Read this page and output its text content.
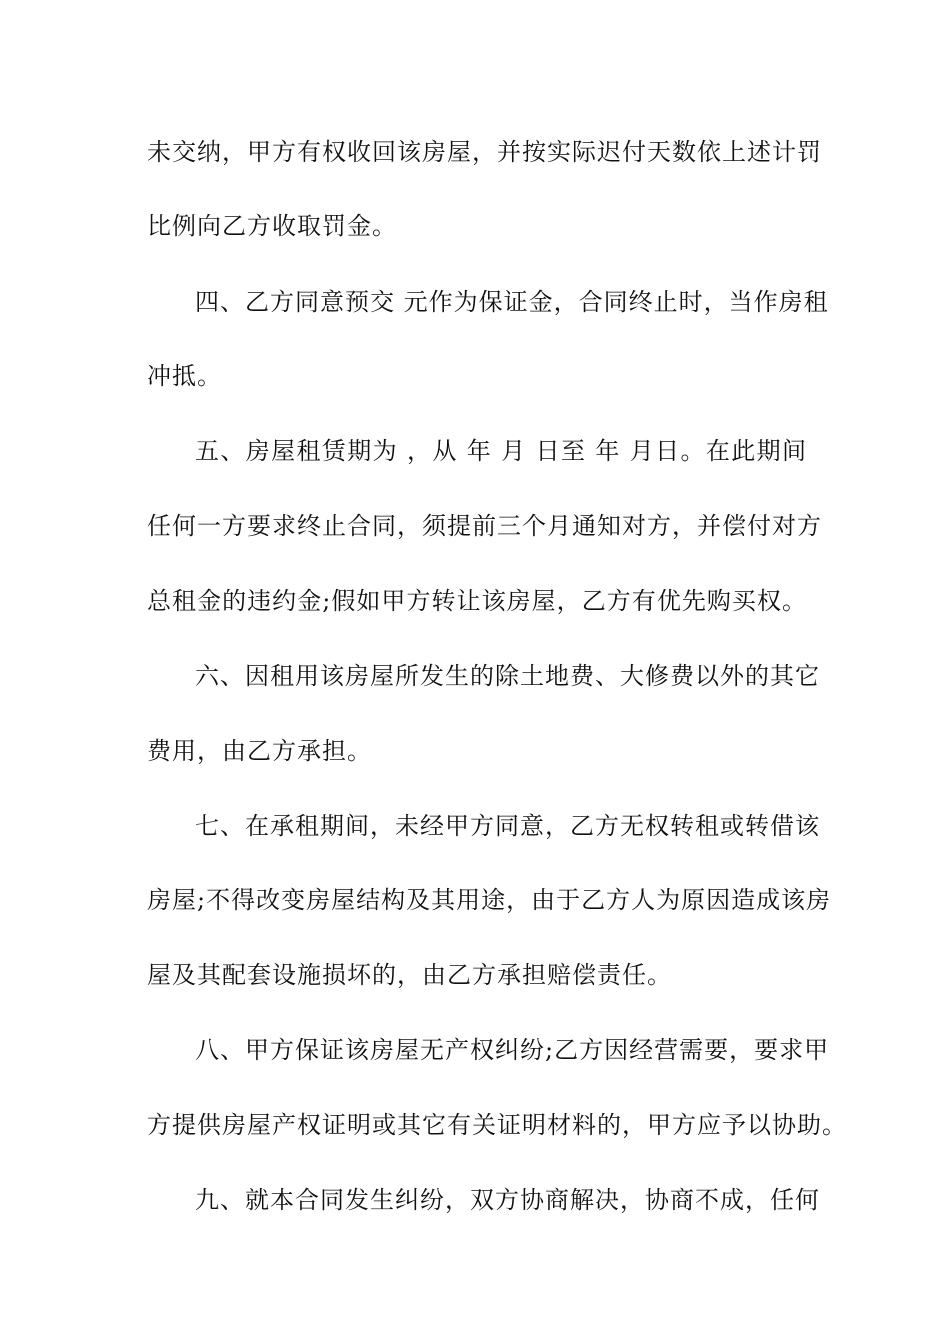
未交纳，甲方有权收回该房屋，并按实际迟付天数依上述计罚

比例向乙方收取罚金。

四、乙方同意预交 元作为保证金，合同终止时，当作房租

冲抵。

五、房屋租赁期为 ，从 年 月 日至 年 月日。在此期间

任何一方要求终止合同，须提前三个月通知对方，并偿付对方

总租金的违约金;假如甲方转让该房屋，乙方有优先购买权。

六、因租用该房屋所发生的除土地费、大修费以外的其它

费用，由乙方承担。

七、在承租期间，未经甲方同意，乙方无权转租或转借该

房屋;不得改变房屋结构及其用途，由于乙方人为原因造成该房

屋及其配套设施损坏的，由乙方承担赔偿责任。

八、甲方保证该房屋无产权纠纷;乙方因经营需要，要求甲

方提供房屋产权证明或其它有关证明材料的，甲方应予以协助。

九、就本合同发生纠纷，双方协商解决，协商不成，任何
